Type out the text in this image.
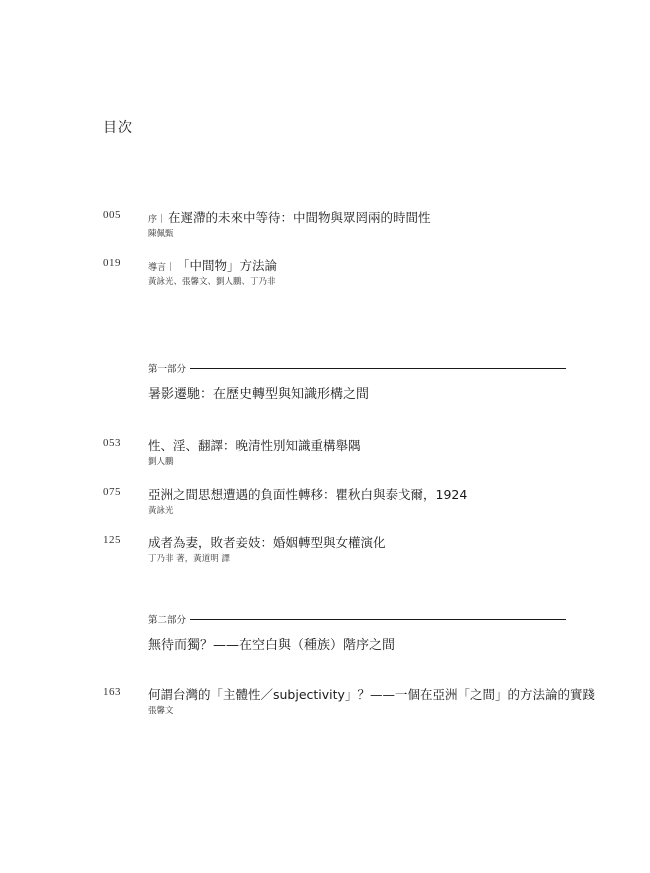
目次
005	序｜ 在遲滯的未來中等待：中間物與眾罔兩的時間性
陳佩甄
019	導言｜ 「中間物」方法論
黃詠光、張馨文、劉人鵬、丁乃非
第一部分
暑影遷馳：在歷史轉型與知識形構之間
053 性、淫、翻譯：晚清性別知識重構舉隅
劉人鵬
075 亞洲之間思想遭遇的負面性轉移：瞿秋白與泰戈爾，1924
黃詠光
125 成者為妻，敗者妾妓：婚姻轉型與女權演化
丁乃非 著，黃道明 譯
第二部分
無待而獨？——在空白與（種族）階序之間
163 何謂台灣的「主體性／subjectivity」？——一個在亞洲「之間」的方法論的實踐
張馨文
